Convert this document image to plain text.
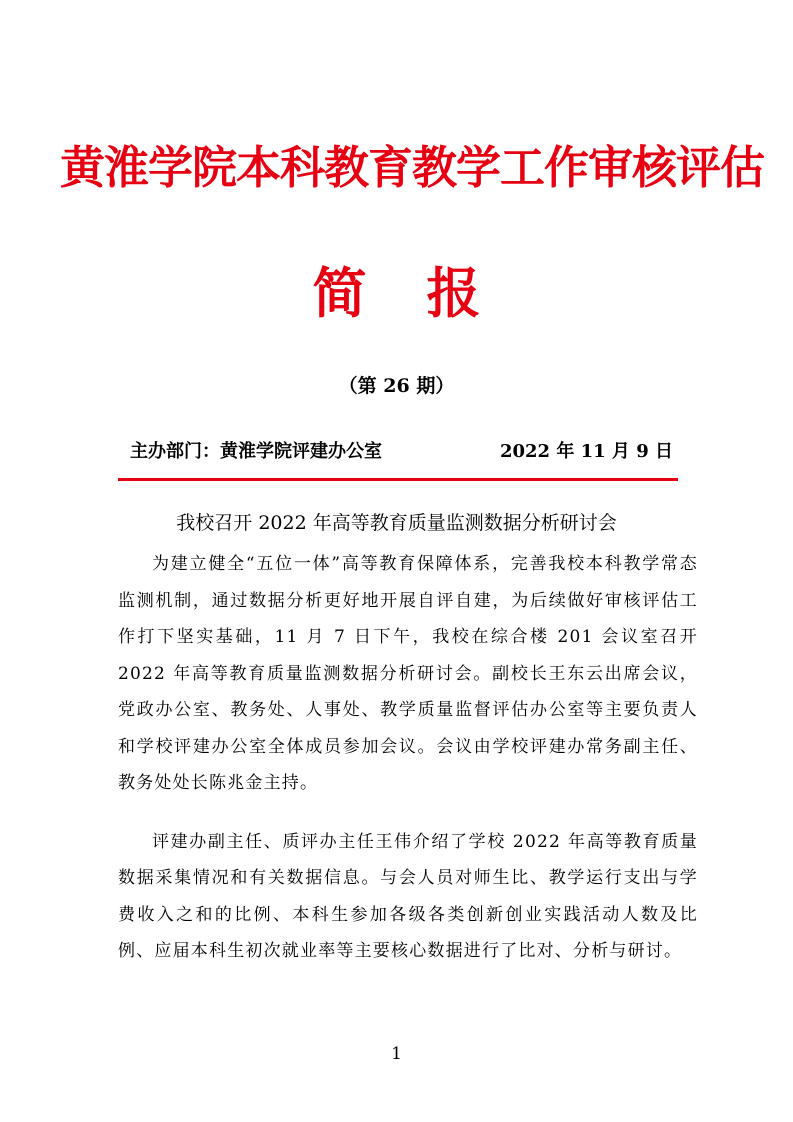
黄淮学院本科教育教学工作审核评估
简报
（第 26 期）
主办部门：黄淮学院评建办公室	2022 年 11 月 9 日
我校召开 2022 年高等教育质量监测数据分析研讨会

为建立健全“五位一体”高等教育保障体系，完善我校本科教学常态监测机制，通过数据分析更好地开展自评自建，为后续做好审核评估工作打下坚实基础，11 月 7 日下午，我校在综合楼 201 会议室召开 2022 年高等教育质量监测数据分析研讨会。副校长王东云出席会议，党政办公室、教务处、人事处、教学质量监督评估办公室等主要负责人和学校评建办公室全体成员参加会议。会议由学校评建办常务副主任、教务处处长陈兆金主持。

评建办副主任、质评办主任王伟介绍了学校 2022 年高等教育质量数据采集情况和有关数据信息。与会人员对师生比、教学运行支出与学费收入之和的比例、本科生参加各级各类创新创业实践活动人数及比例、应届本科生初次就业率等主要核心数据进行了比对、分析与研讨。

1
